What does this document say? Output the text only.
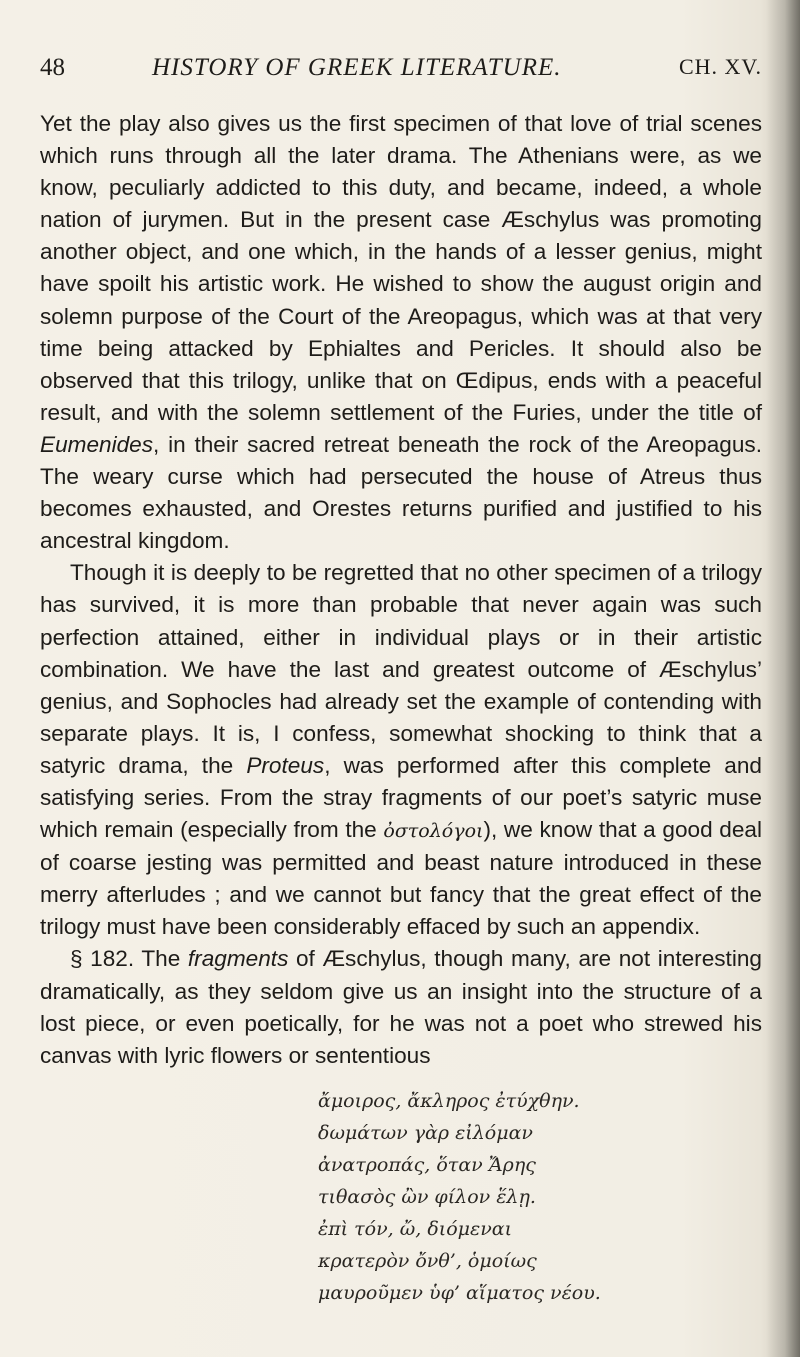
48	HISTORY OF GREEK LITERATURE.	CH. XV.

Yet the play also gives us the first specimen of that love of trial scenes which runs through all the later drama. The Athenians were, as we know, peculiarly addicted to this duty, and became, indeed, a whole nation of jurymen. But in the present case Æschylus was promoting another object, and one which, in the hands of a lesser genius, might have spoilt his artistic work. He wished to show the august origin and solemn purpose of the Court of the Areopagus, which was at that very time being attacked by Ephialtes and Pericles. It should also be observed that this trilogy, unlike that on Œdipus, ends with a peaceful result, and with the solemn settlement of the Furies, under the title of Eumenides, in their sacred retreat beneath the rock of the Areopagus. The weary curse which had persecuted the house of Atreus thus becomes exhausted, and Orestes returns purified and justified to his ancestral kingdom.

Though it is deeply to be regretted that no other specimen of a trilogy has survived, it is more than probable that never again was such perfection attained, either in individual plays or in their artistic combination. We have the last and greatest outcome of Æschylus’ genius, and Sophocles had already set the example of contending with separate plays. It is, I confess, somewhat shocking to think that a satyric drama, the Proteus, was performed after this complete and satisfying series. From the stray fragments of our poet’s satyric muse which remain (especially from the ὀστολόγοι), we know that a good deal of coarse jesting was permitted and beast nature introduced in these merry afterludes ; and we cannot but fancy that the great effect of the trilogy must have been considerably effaced by such an appendix.

§ 182. The fragments of Æschylus, though many, are not interesting dramatically, as they seldom give us an insight into the structure of a lost piece, or even poetically, for he was not a poet who strewed his canvas with lyric flowers or sententious

ἄμοιρος, ἄκληρος ἐτύχθην.
δωμάτων γὰρ εἰλόμαν
ἀνατροπάς, ὅταν Ἄρης
τιθασὸς ὢν φίλον ἕλῃ.
ἐπὶ τόν, ὤ, διόμεναι
κρατερὸν ὄνθ’, ὁμοίως
μαυροῦμεν ὑφ’ αἵματος νέου.
